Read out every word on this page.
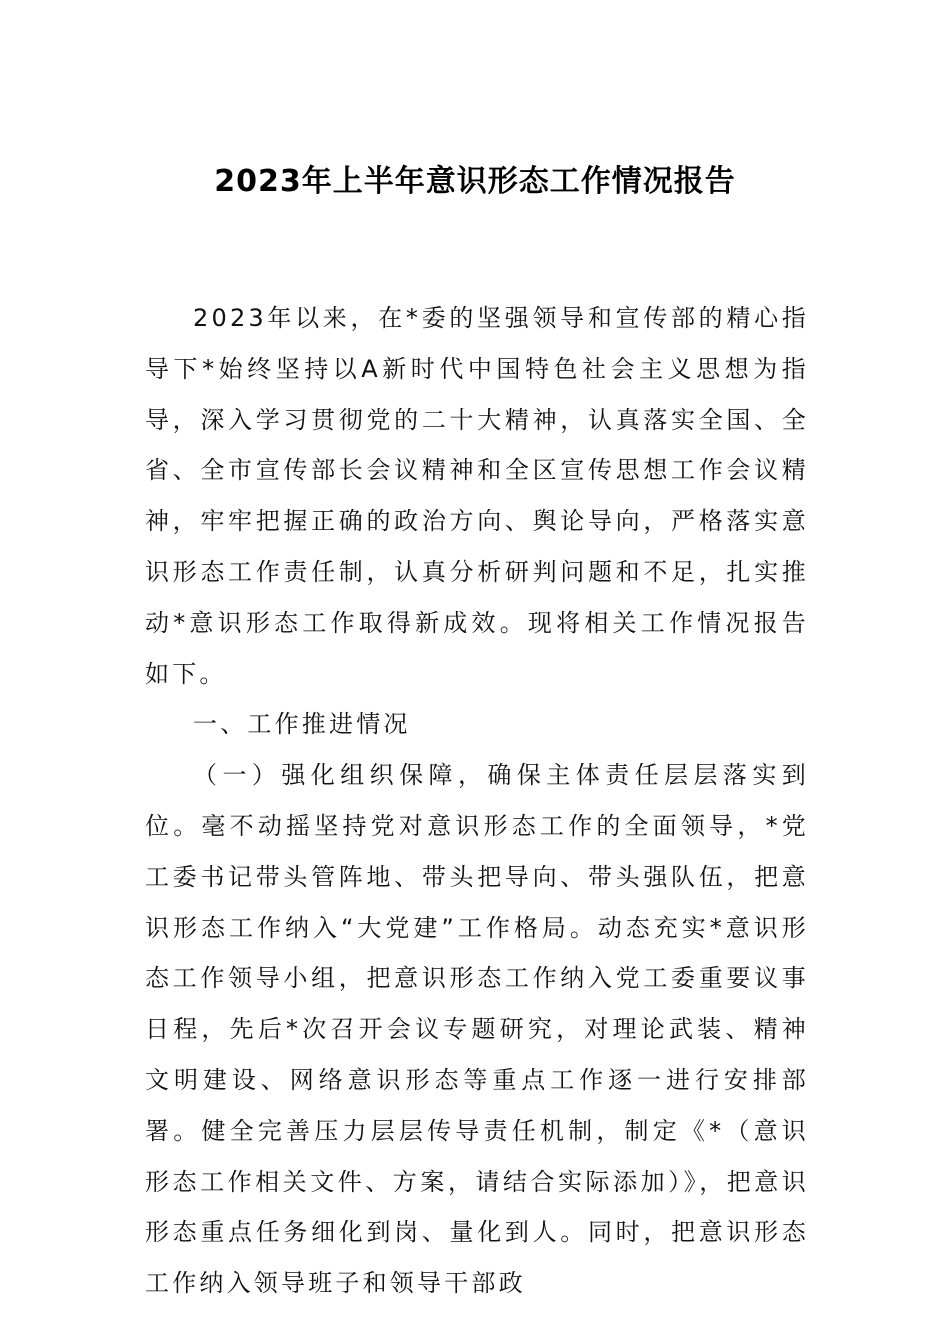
2023年上半年意识形态工作情况报告

2023年以来，在*委的坚强领导和宣传部的精心指导下*始终坚持以A新时代中国特色社会主义思想为指导，深入学习贯彻党的二十大精神，认真落实全国、全省、全市宣传部长会议精神和全区宣传思想工作会议精神，牢牢把握正确的政治方向、舆论导向，严格落实意识形态工作责任制，认真分析研判问题和不足，扎实推动*意识形态工作取得新成效。现将相关工作情况报告如下。

一、工作推进情况

（一）强化组织保障，确保主体责任层层落实到位。毫不动摇坚持党对意识形态工作的全面领导，*党工委书记带头管阵地、带头把导向、带头强队伍，把意识形态工作纳入“大党建”工作格局。动态充实*意识形态工作领导小组，把意识形态工作纳入党工委重要议事日程，先后*次召开会议专题研究，对理论武装、精神文明建设、网络意识形态等重点工作逐一进行安排部署。健全完善压力层层传导责任机制，制定《*（意识形态工作相关文件、方案，请结合实际添加）》，把意识形态重点任务细化到岗、量化到人。同时，把意识形态工作纳入领导班子和领导干部政
